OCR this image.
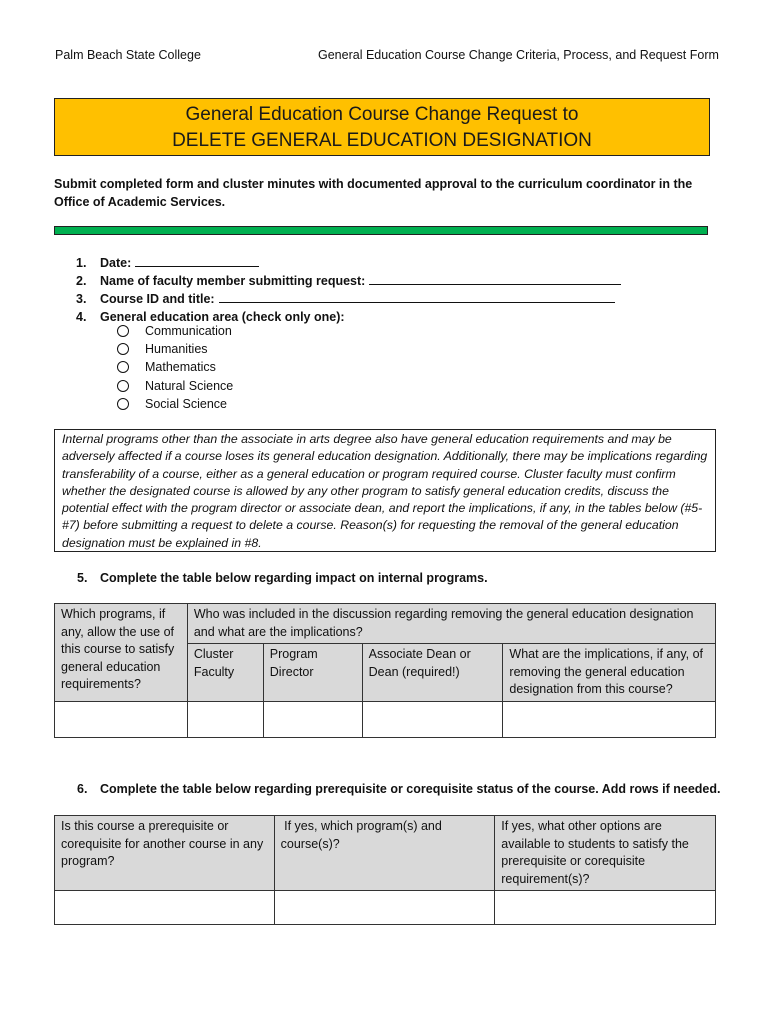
Palm Beach State College	General Education Course Change Criteria, Process, and Request Form
General Education Course Change Request to
DELETE GENERAL EDUCATION DESIGNATION
Submit completed form and cluster minutes with documented approval to the curriculum coordinator in the Office of Academic Services.
1. Date:
2. Name of faculty member submitting request:
3. Course ID and title:
4. General education area (check only one):
Communication
Humanities
Mathematics
Natural Science
Social Science
Internal programs other than the associate in arts degree also have general education requirements and may be adversely affected if a course loses its general education designation. Additionally, there may be implications regarding transferability of a course, either as a general education or program required course. Cluster faculty must confirm whether the designated course is allowed by any other program to satisfy general education credits, discuss the potential effect with the program director or associate dean, and report the implications, if any, in the tables below (#5-#7) before submitting a request to delete a course. Reason(s) for requesting the removal of the general education designation must be explained in #8.
5. Complete the table below regarding impact on internal programs.
Which programs, if any, allow the use of this course to satisfy general education requirements?	Who was included in the discussion regarding removing the general education designation and what are the implications?			
	Cluster Faculty	Program Director	Associate Dean or Dean (required!)	What are the implications, if any, of removing the general education designation from this course?

6. Complete the table below regarding prerequisite or corequisite status of the course. Add rows if needed.
Is this course a prerequisite or corequisite for another course in any program?	If yes, which program(s) and course(s)?	If yes, what other options are available to students to satisfy the prerequisite or corequisite requirement(s)?
